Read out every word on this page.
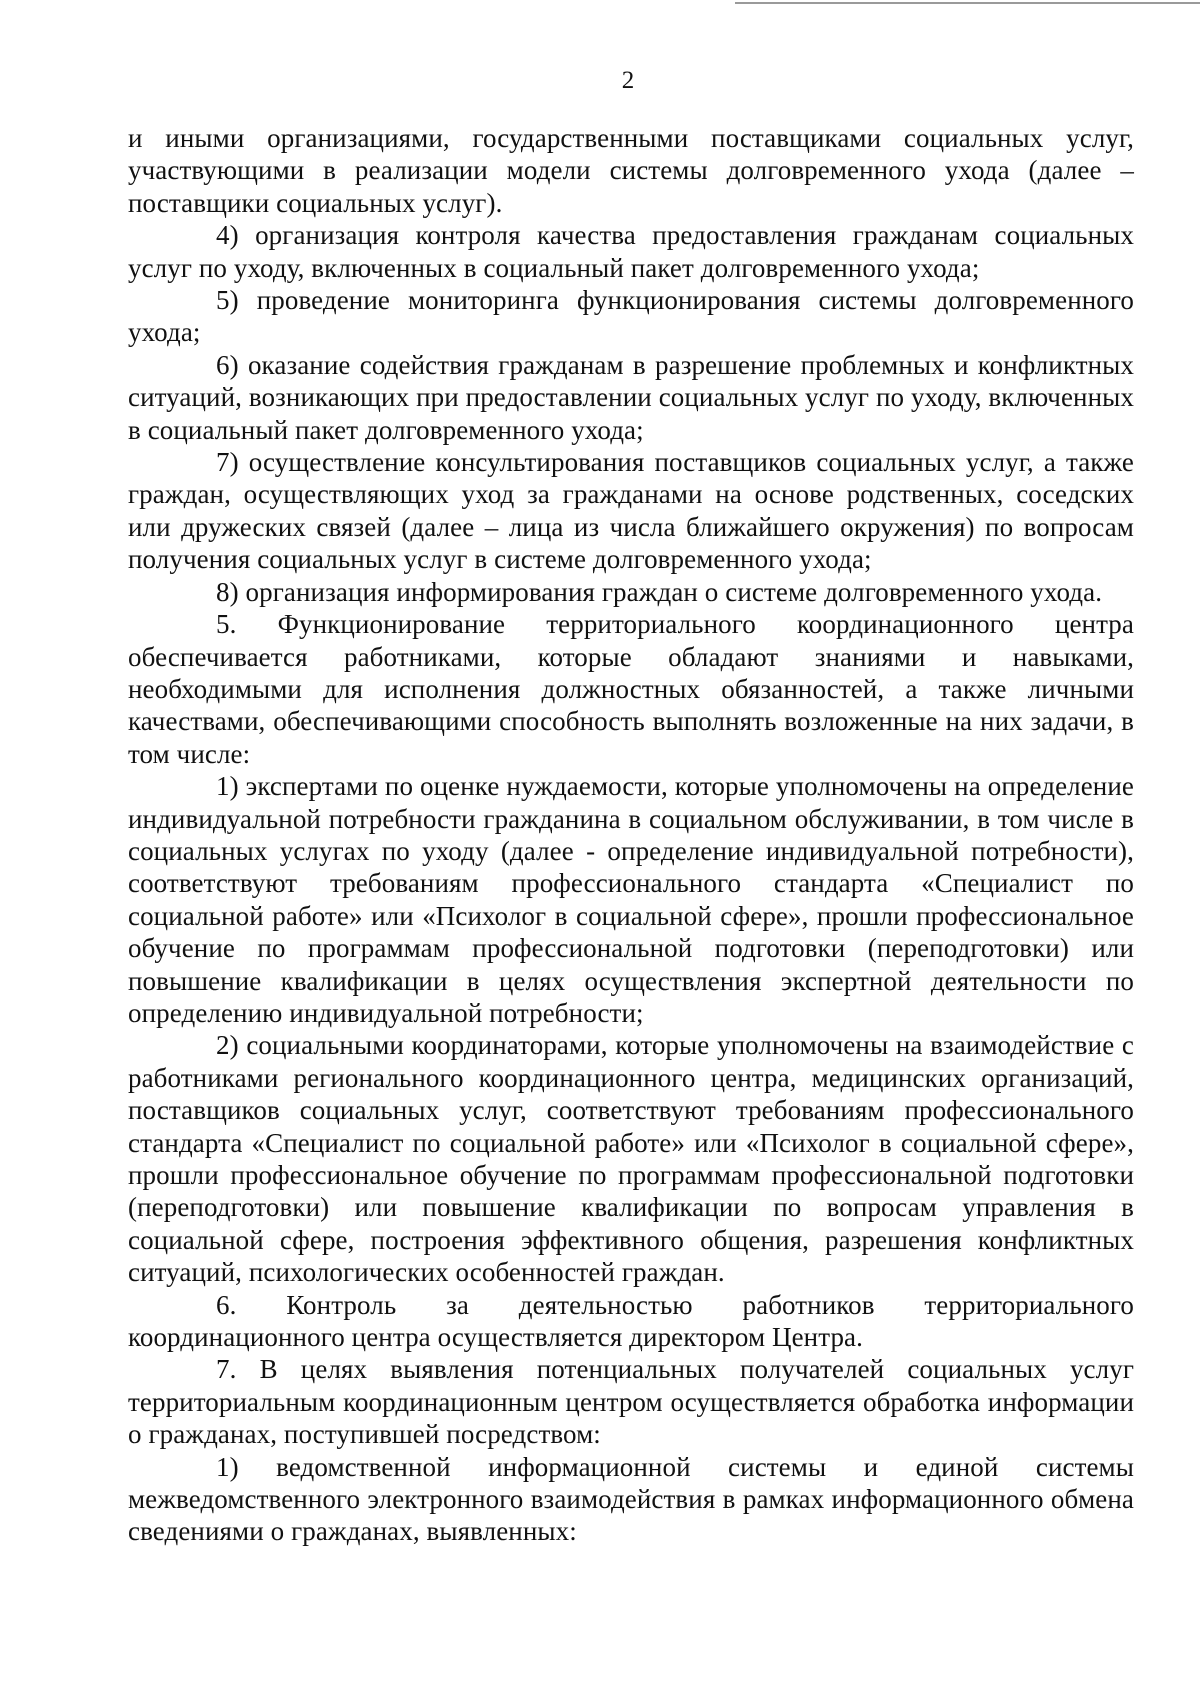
2

и иными организациями, государственными поставщиками социальных услуг, участвующими в реализации модели системы долговременного ухода (далее – поставщики социальных услуг).

4) организация контроля качества предоставления гражданам социальных услуг по уходу, включенных в социальный пакет долговременного ухода;

5) проведение мониторинга функционирования системы долговременного ухода;

6) оказание содействия гражданам в разрешение проблемных и конфликтных ситуаций, возникающих при предоставлении социальных услуг по уходу, включенных в социальный пакет долговременного ухода;

7) осуществление консультирования поставщиков социальных услуг, а также граждан, осуществляющих уход за гражданами на основе родственных, соседских или дружеских связей (далее – лица из числа ближайшего окружения) по вопросам получения социальных услуг в системе долговременного ухода;

8) организация информирования граждан о системе долговременного ухода.

5. Функционирование территориального координационного центра обеспечивается работниками, которые обладают знаниями и навыками, необходимыми для исполнения должностных обязанностей, а также личными качествами, обеспечивающими способность выполнять возложенные на них задачи, в том числе:

1) экспертами по оценке нуждаемости, которые уполномочены на определение индивидуальной потребности гражданина в социальном обслуживании, в том числе в социальных услугах по уходу (далее - определение индивидуальной потребности), соответствуют требованиям профессионального стандарта «Специалист по социальной работе» или «Психолог в социальной сфере», прошли профессиональное обучение по программам профессиональной подготовки (переподготовки) или повышение квалификации в целях осуществления экспертной деятельности по определению индивидуальной потребности;

2) социальными координаторами, которые уполномочены на взаимодействие с работниками регионального координационного центра, медицинских организаций, поставщиков социальных услуг, соответствуют требованиям профессионального стандарта «Специалист по социальной работе» или «Психолог в социальной сфере», прошли профессиональное обучение по программам профессиональной подготовки (переподготовки) или повышение квалификации по вопросам управления в социальной сфере, построения эффективного общения, разрешения конфликтных ситуаций, психологических особенностей граждан.

6. Контроль за деятельностью работников территориального координационного центра осуществляется директором Центра.

7. В целях выявления потенциальных получателей социальных услуг территориальным координационным центром осуществляется обработка информации о гражданах, поступившей посредством:

1) ведомственной информационной системы и единой системы межведомственного электронного взаимодействия в рамках информационного обмена сведениями о гражданах, выявленных:
